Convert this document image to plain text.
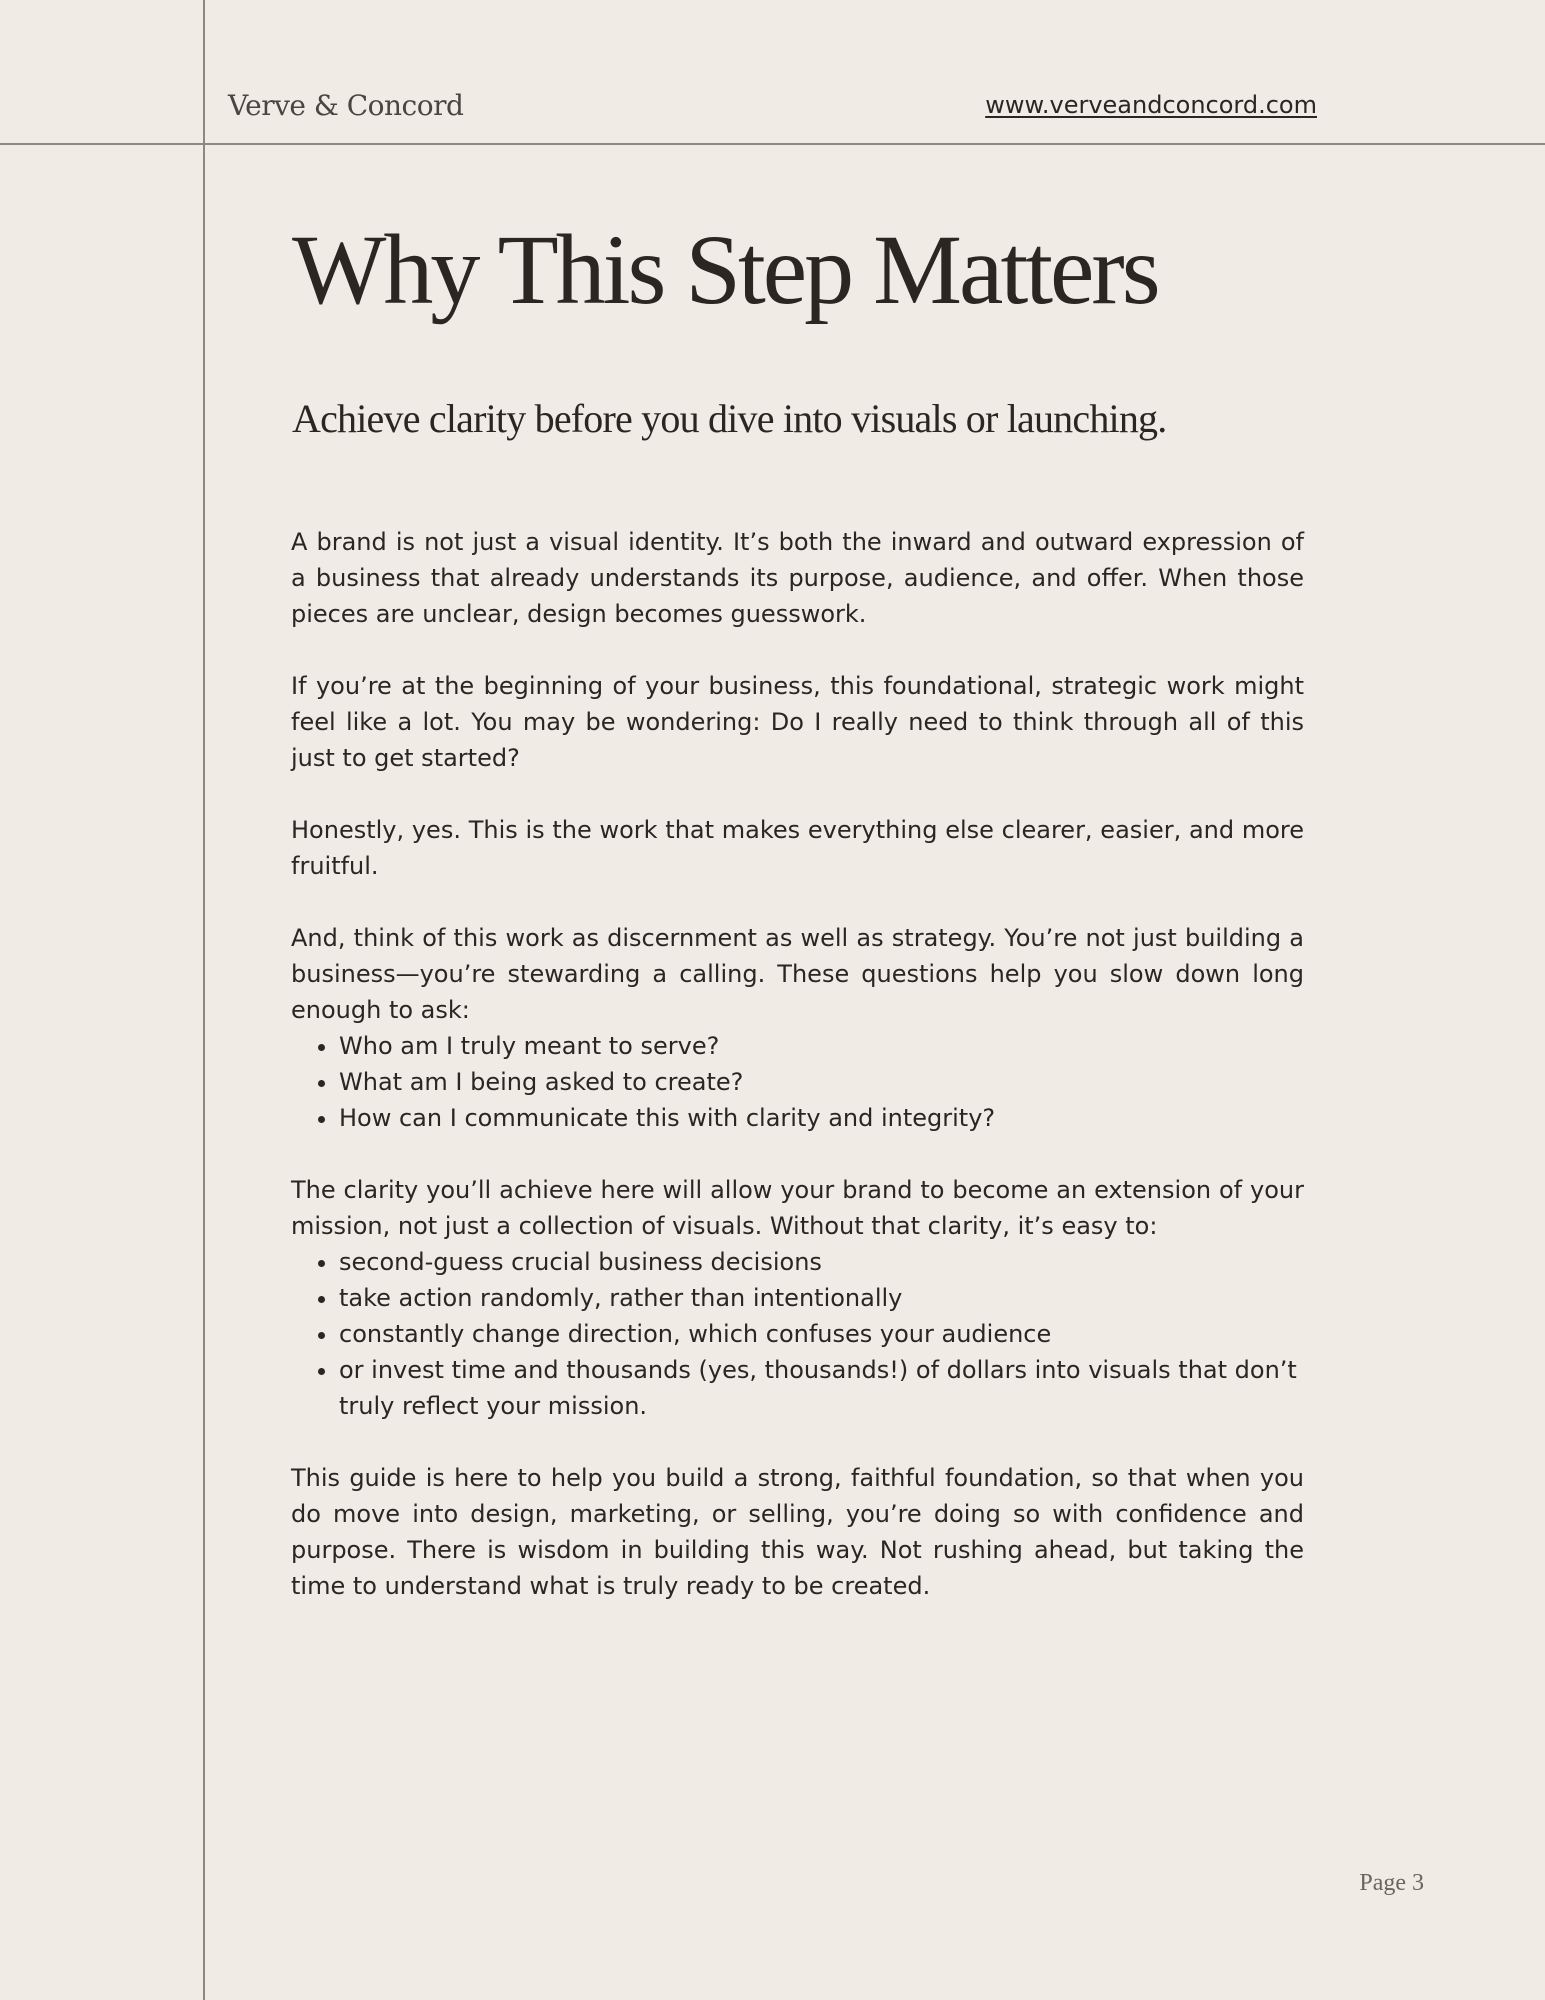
Verve & Concord	www.verveandconcord.com
Why This Step Matters
Achieve clarity before you dive into visuals or launching.

A brand is not just a visual identity. It’s both the inward and outward expression of a business that already understands its purpose, audience, and offer. When those pieces are unclear, design becomes guesswork.

If you’re at the beginning of your business, this foundational, strategic work might feel like a lot. You may be wondering: Do I really need to think through all of this just to get started?

Honestly, yes. This is the work that makes everything else clearer, easier, and more fruitful.

And, think of this work as discernment as well as strategy. You’re not just building a business—you’re stewarding a calling. These questions help you slow down long enough to ask:

• Who am I truly meant to serve?
• What am I being asked to create?
• How can I communicate this with clarity and integrity?

The clarity you’ll achieve here will allow your brand to become an extension of your mission, not just a collection of visuals. Without that clarity, it’s easy to:

• second-guess crucial business decisions
• take action randomly, rather than intentionally
• constantly change direction, which confuses your audience
• or invest time and thousands (yes, thousands!) of dollars into visuals that don’t truly reflect your mission.

This guide is here to help you build a strong, faithful foundation, so that when you do move into design, marketing, or selling, you’re doing so with confidence and purpose. There is wisdom in building this way. Not rushing ahead, but taking the time to understand what is truly ready to be created.

Page 3
